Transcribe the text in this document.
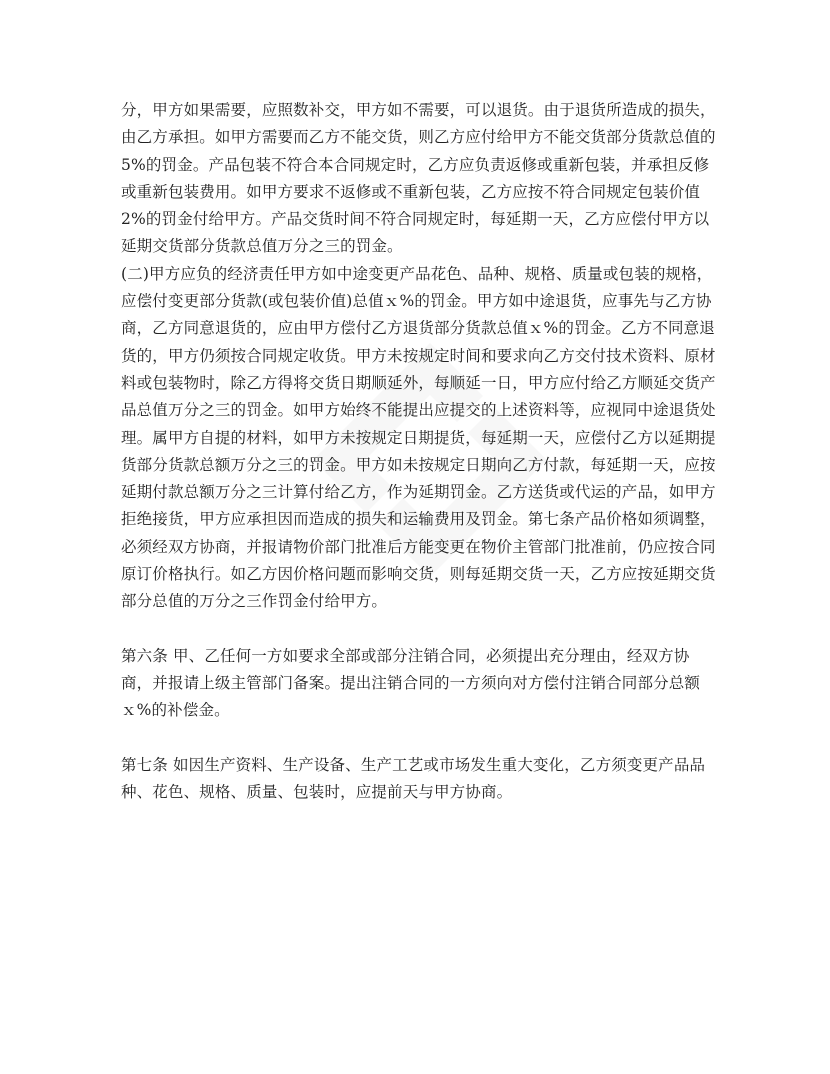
分，甲方如果需要，应照数补交，甲方如不需要，可以退货。由于退货所造成的损失，由乙方承担。如甲方需要而乙方不能交货，则乙方应付给甲方不能交货部分货款总值的 5%的罚金。产品包装不符合本合同规定时，乙方应负责返修或重新包装，并承担反修或重新包装费用。如甲方要求不返修或不重新包装，乙方应按不符合同规定包装价值 2%的罚金付给甲方。产品交货时间不符合同规定时，每延期一天，乙方应偿付甲方以延期交货部分货款总值万分之三的罚金。

(二)甲方应负的经济责任甲方如中途变更产品花色、品种、规格、质量或包装的规格，应偿付变更部分货款(或包装价值)总值ｘ%的罚金。甲方如中途退货，应事先与乙方协商，乙方同意退货的，应由甲方偿付乙方退货部分货款总值ｘ%的罚金。乙方不同意退货的，甲方仍须按合同规定收货。甲方未按规定时间和要求向乙方交付技术资料、原材料或包装物时，除乙方得将交货日期顺延外，每顺延一日，甲方应付给乙方顺延交货产品总值万分之三的罚金。如甲方始终不能提出应提交的上述资料等，应视同中途退货处理。属甲方自提的材料，如甲方未按规定日期提货，每延期一天，应偿付乙方以延期提货部分货款总额万分之三的罚金。甲方如未按规定日期向乙方付款，每延期一天，应按延期付款总额万分之三计算付给乙方，作为延期罚金。乙方送货或代运的产品，如甲方拒绝接货，甲方应承担因而造成的损失和运输费用及罚金。第七条产品价格如须调整，必须经双方协商，并报请物价部门批准后方能变更在物价主管部门批准前，仍应按合同原订价格执行。如乙方因价格问题而影响交货，则每延期交货一天，乙方应按延期交货部分总值的万分之三作罚金付给甲方。

第六条 甲、乙任何一方如要求全部或部分注销合同，必须提出充分理由，经双方协商，并报请上级主管部门备案。提出注销合同的一方须向对方偿付注销合同部分总额ｘ%的补偿金。

第七条 如因生产资料、生产设备、生产工艺或市场发生重大变化，乙方须变更产品品种、花色、规格、质量、包装时，应提前天与甲方协商。
